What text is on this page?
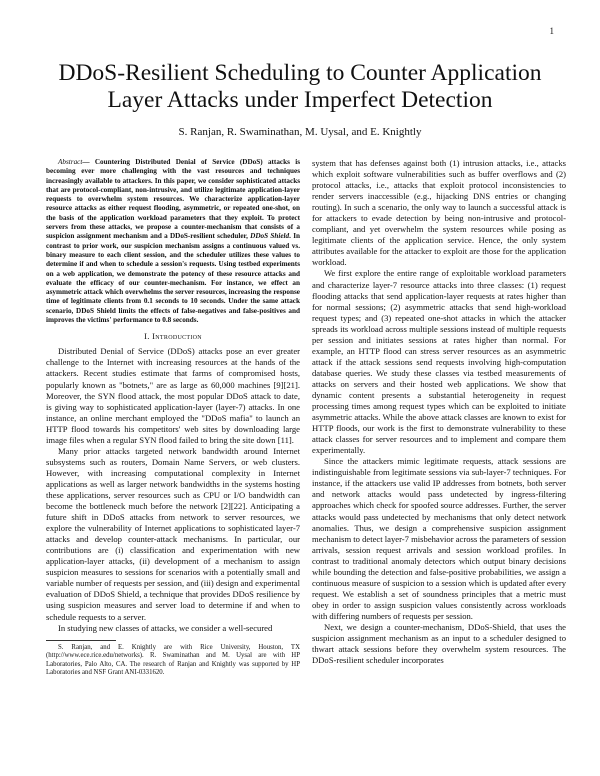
1
DDoS-Resilient Scheduling to Counter Application
Layer Attacks under Imperfect Detection
S. Ranjan, R. Swaminathan, M. Uysal, and E. Knightly

Abstract— Countering Distributed Denial of Service (DDoS) attacks is becoming ever more challenging with the vast resources and techniques increasingly available to attackers. In this paper, we consider sophisticated attacks that are protocol-compliant, non-intrusive, and utilize legitimate application-layer requests to overwhelm system resources. We characterize application-layer resource attacks as either request flooding, asymmetric, or repeated one-shot, on the basis of the application workload parameters that they exploit. To protect servers from these attacks, we propose a counter-mechanism that consists of a suspicion assignment mechanism and a DDoS-resilient scheduler, DDoS Shield. In contrast to prior work, our suspicion mechanism assigns a continuous valued vs. binary measure to each client session, and the scheduler utilizes these values to determine if and when to schedule a session's requests. Using testbed experiments on a web application, we demonstrate the potency of these resource attacks and evaluate the efficacy of our counter-mechanism. For instance, we effect an asymmetric attack which overwhelms the server resources, increasing the response time of legitimate clients from 0.1 seconds to 10 seconds. Under the same attack scenario, DDoS Shield limits the effects of false-negatives and false-positives and improves the victims' performance to 0.8 seconds.

I. Introduction

Distributed Denial of Service (DDoS) attacks pose an ever greater challenge to the Internet with increasing resources at the hands of the attackers. Recent studies estimate that farms of compromised hosts, popularly known as "botnets," are as large as 60,000 machines [9][21]. Moreover, the SYN flood attack, the most popular DDoS attack to date, is giving way to sophisticated application-layer (layer-7) attacks. In one instance, an online merchant employed the "DDoS mafia" to launch an HTTP flood towards his competitors' web sites by downloading large image files when a regular SYN flood failed to bring the site down [11].

Many prior attacks targeted network bandwidth around Internet subsystems such as routers, Domain Name Servers, or web clusters. However, with increasing computational complexity in Internet applications as well as larger network bandwidths in the systems hosting these applications, server resources such as CPU or I/O bandwidth can become the bottleneck much before the network [2][22]. Anticipating a future shift in DDoS attacks from network to server resources, we explore the vulnerability of Internet applications to sophisticated layer-7 attacks and develop counter-attack mechanisms. In particular, our contributions are (i) classification and experimentation with new application-layer attacks, (ii) development of a mechanism to assign suspicion measures to sessions for scenarios with a potentially small and variable number of requests per session, and (iii) design and experimental evaluation of DDoS Shield, a technique that provides DDoS resilience by using suspicion measures and server load to determine if and when to schedule requests to a server.

In studying new classes of attacks, we consider a well-secured

S. Ranjan, and E. Knightly are with Rice University, Houston, TX (http://www.ece.rice.edu/networks). R. Swaminathan and M. Uysal are with HP Laboratories, Palo Alto, CA. The research of Ranjan and Knightly was supported by HP Laboratories and NSF Grant ANI-0331620.

system that has defenses against both (1) intrusion attacks, i.e., attacks which exploit software vulnerabilities such as buffer overflows and (2) protocol attacks, i.e., attacks that exploit protocol inconsistencies to render servers inaccessible (e.g., hijacking DNS entries or changing routing). In such a scenario, the only way to launch a successful attack is for attackers to evade detection by being non-intrusive and protocol-compliant, and yet overwhelm the system resources while posing as legitimate clients of the application service. Hence, the only system attributes available for the attacker to exploit are those for the application workload.

We first explore the entire range of exploitable workload parameters and characterize layer-7 resource attacks into three classes: (1) request flooding attacks that send application-layer requests at rates higher than for normal sessions; (2) asymmetric attacks that send high-workload request types; and (3) repeated one-shot attacks in which the attacker spreads its workload across multiple sessions instead of multiple requests per session and initiates sessions at rates higher than normal. For example, an HTTP flood can stress server resources as an asymmetric attack if the attack sessions send requests involving high-computation database queries. We study these classes via testbed measurements of attacks on servers and their hosted web applications. We show that dynamic content presents a substantial heterogeneity in request processing times among request types which can be exploited to initiate asymmetric attacks. While the above attack classes are known to exist for HTTP floods, our work is the first to demonstrate vulnerability to these attack classes for server resources and to implement and compare them experimentally.

Since the attackers mimic legitimate requests, attack sessions are indistinguishable from legitimate sessions via sub-layer-7 techniques. For instance, if the attackers use valid IP addresses from botnets, both server and network attacks would pass undetected by ingress-filtering approaches which check for spoofed source addresses. Further, the server attacks would pass undetected by mechanisms that only detect network anomalies. Thus, we design a comprehensive suspicion assignment mechanism to detect layer-7 misbehavior across the parameters of session arrivals, session request arrivals and session workload profiles. In contrast to traditional anomaly detectors which output binary decisions while bounding the detection and false-positive probabilities, we assign a continuous measure of suspicion to a session which is updated after every request. We establish a set of soundness principles that a metric must obey in order to assign suspicion values consistently across workloads with differing numbers of requests per session.

Next, we design a counter-mechanism, DDoS-Shield, that uses the suspicion assignment mechanism as an input to a scheduler designed to thwart attack sessions before they overwhelm system resources. The DDoS-resilient scheduler incorporates
